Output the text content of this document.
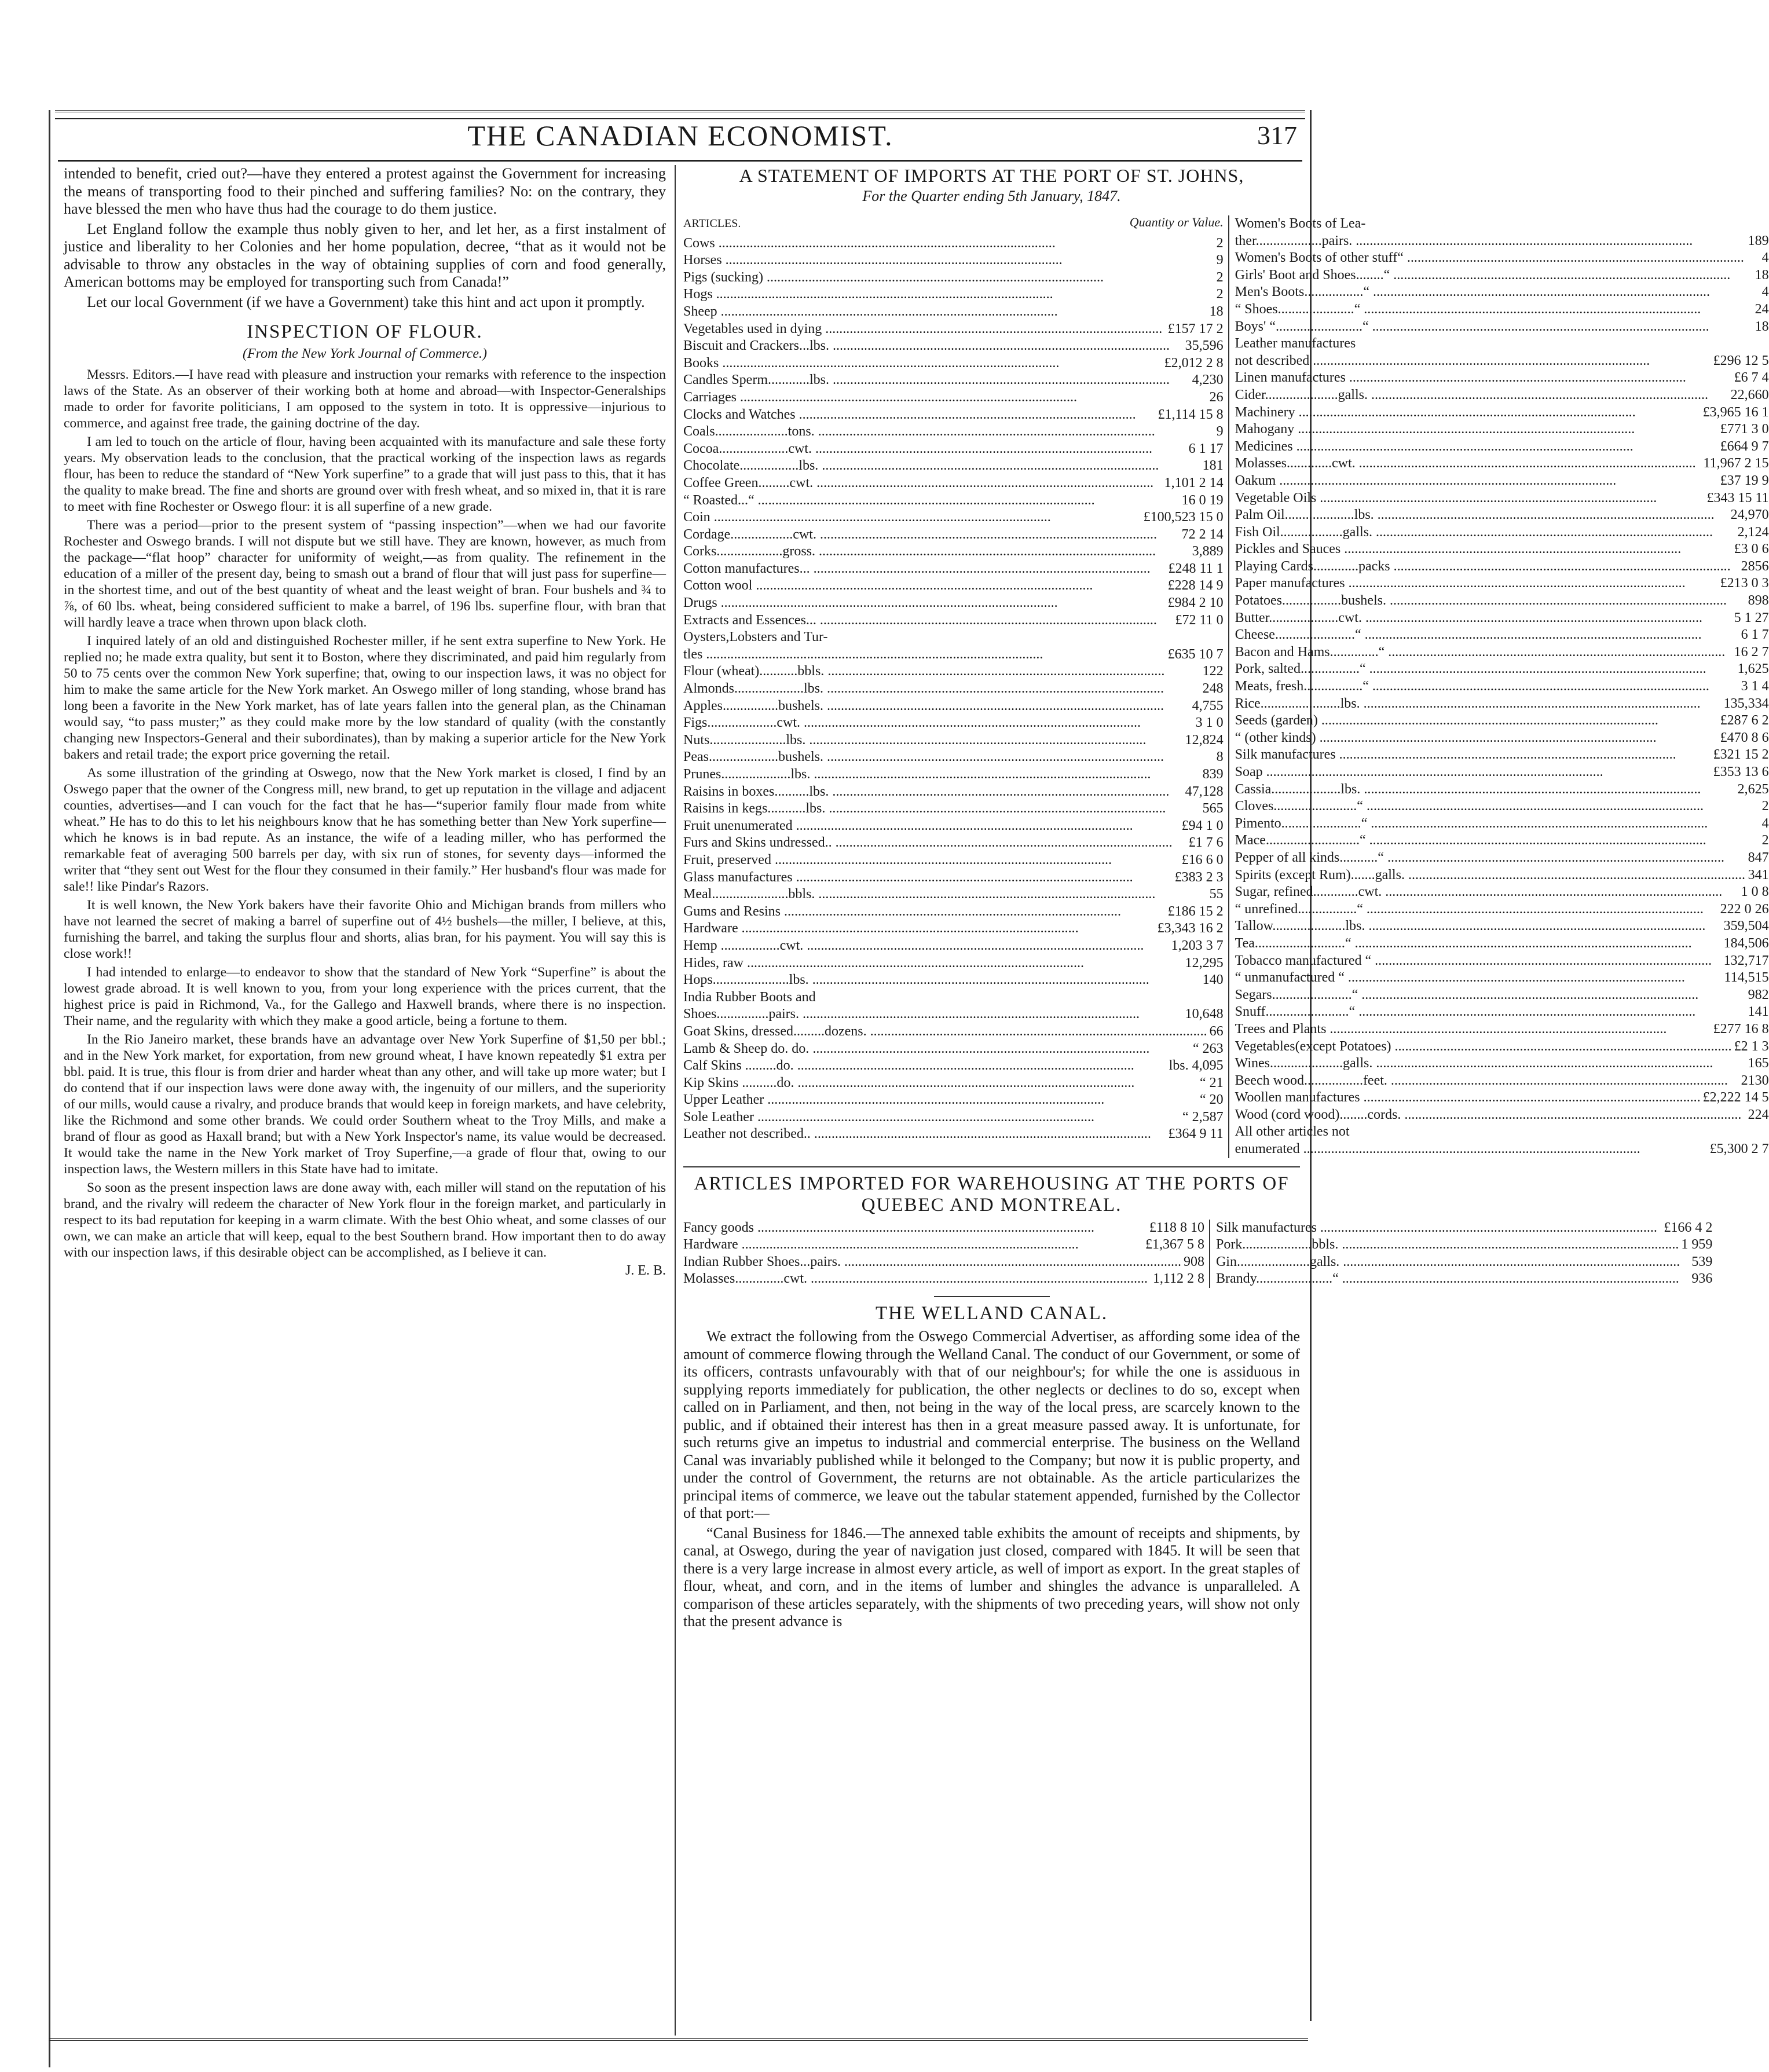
THE CANADIAN ECONOMIST.	317

intended to benefit, cried out?—have they entered a protest against the Government for increasing the means of transporting food to their pinched and suffering families? No: on the contrary, they have blessed the men who have thus had the courage to do them justice.

Let England follow the example thus nobly given to her, and let her, as a first instalment of justice and liberality to her Colonies and her home population, decree, “that as it would not be advisable to throw any obstacles in the way of obtaining supplies of corn and food generally, American bottoms may be employed for transporting such from Canada!”

Let our local Government (if we have a Government) take this hint and act upon it promptly.

INSPECTION OF FLOUR.
(From the New York Journal of Commerce.)

Messrs. Editors.—I have read with pleasure and instruction your remarks with reference to the inspection laws of the State. As an observer of their working both at home and abroad—with Inspector-Generalships made to order for favorite politicians, I am opposed to the system in toto. It is oppressive—injurious to commerce, and against free trade, the gaining doctrine of the day.

I am led to touch on the article of flour, having been acquainted with its manufacture and sale these forty years. My observation leads to the conclusion, that the practical working of the inspection laws as regards flour, has been to reduce the standard of “New York superfine” to a grade that will just pass to this, that it has the quality to make bread. The fine and shorts are ground over with fresh wheat, and so mixed in, that it is rare to meet with fine Rochester or Oswego flour: it is all superfine of a new grade.

There was a period—prior to the present system of “passing inspection”—when we had our favorite Rochester and Oswego brands. I will not dispute but we still have. They are known, however, as much from the package—“flat hoop” character for uniformity of weight,—as from quality. The refinement in the education of a miller of the present day, being to smash out a brand of flour that will just pass for superfine—in the shortest time, and out of the best quantity of wheat and the least weight of bran. Four bushels and ¾ to ⅞, of 60 lbs. wheat, being considered sufficient to make a barrel, of 196 lbs. superfine flour, with bran that will hardly leave a trace when thrown upon black cloth.

I inquired lately of an old and distinguished Rochester miller, if he sent extra superfine to New York. He replied no; he made extra quality, but sent it to Boston, where they discriminated, and paid him regularly from 50 to 75 cents over the common New York superfine; that, owing to our inspection laws, it was no object for him to make the same article for the New York market. An Oswego miller of long standing, whose brand has long been a favorite in the New York market, has of late years fallen into the general plan, as the Chinaman would say, “to pass muster;” as they could make more by the low standard of quality (with the constantly changing new Inspectors-General and their subordinates), than by making a superior article for the New York bakers and retail trade; the export price governing the retail.

As some illustration of the grinding at Oswego, now that the New York market is closed, I find by an Oswego paper that the owner of the Congress mill, new brand, to get up reputation in the village and adjacent counties, advertises—and I can vouch for the fact that he has—“superior family flour made from white wheat.” He has to do this to let his neighbours know that he has something better than New York superfine—which he knows is in bad repute. As an instance, the wife of a leading miller, who has performed the remarkable feat of averaging 500 barrels per day, with six run of stones, for seventy days—informed the writer that “they sent out West for the flour they consumed in their family.” Her husband's flour was made for sale!! like Pindar's Razors.

It is well known, the New York bakers have their favorite Ohio and Michigan brands from millers who have not learned the secret of making a barrel of superfine out of 4½ bushels—the miller, I believe, at this, furnishing the barrel, and taking the surplus flour and shorts, alias bran, for his payment. You will say this is close work!!

I had intended to enlarge—to endeavor to show that the standard of New York “Superfine” is about the lowest grade abroad. It is well known to you, from your long experience with the prices current, that the highest price is paid in Richmond, Va., for the Gallego and Haxwell brands, where there is no inspection. Their name, and the regularity with which they make a good article, being a fortune to them.

In the Rio Janeiro market, these brands have an advantage over New York Superfine of $1,50 per bbl.; and in the New York market, for exportation, from new ground wheat, I have known repeatedly $1 extra per bbl. paid. It is true, this flour is from drier and harder wheat than any other, and will take up more water; but I do contend that if our inspection laws were done away with, the ingenuity of our millers, and the superiority of our mills, would cause a rivalry, and produce brands that would keep in foreign markets, and have celebrity, like the Richmond and some other brands. We could order Southern wheat to the Troy Mills, and make a brand of flour as good as Haxall brand; but with a New York Inspector's name, its value would be decreased. It would take the name in the New York market of Troy Superfine,—a grade of flour that, owing to our inspection laws, the Western millers in this State have had to imitate.

So soon as the present inspection laws are done away with, each miller will stand on the reputation of his brand, and the rivalry will redeem the character of New York flour in the foreign market, and particularly in respect to its bad reputation for keeping in a warm climate. With the best Ohio wheat, and some classes of our own, we can make an article that will keep, equal to the best Southern brand. How important then to do away with our inspection laws, if this desirable object can be accomplished, as I believe it can.

J. E. B.
A STATEMENT OF IMPORTS AT THE PORT OF ST. JOHNS,
For the Quarter ending 5th January, 1847.
ARTICLES.	Quantity or Value.
Cows .....	2
Horses .....	9
Pigs (sucking) .....	2
Hogs .....	2
Sheep .....	18
Vegetables used in dying .....	£157 17 2
Biscuit and Crackers...lbs. .....	35,596
Books .....	£2,012 2 8
Candles Sperm............lbs. .....	4,230
Carriages .....	26
Clocks and Watches .....	£1,114 15 8
Coals.....................tons. .....	9
Cocoa....................cwt. .....	6 1 17
Chocolate.................lbs. .....	181
Coffee Green.........cwt. .....	1,101 2 14
“ Roasted...“ .....	16 0 19
Coin .....	£100,523 15 0
Cordage..................cwt. .....	72 2 14
Corks...................gross. .....	3,889
Cotton manufactures... .....	£248 11 1
Cotton wool .....	£228 14 9
Drugs .....	£984 2 10
Extracts and Essences... .....	£72 11 0
Oysters,Lobsters and Tur-
tles .....	£635 10 7
Flour (wheat)...........bbls. .....	122
Almonds....................lbs. .....	248
Apples................bushels. .....	4,755
Figs....................cwt. .....	3 1 0
Nuts......................lbs. .....	12,824
Peas....................bushels. .....	8
Prunes....................lbs. .....	839
Raisins in boxes..........lbs. .....	47,128
Raisins in kegs...........lbs. .....	565
Fruit unenumerated .....	£94 1 0
Furs and Skins undressed.. .....	£1 7 6
Fruit, preserved .....	£16 6 0
Glass manufactures .....	£383 2 3
Meal......................bbls. .....	55
Gums and Resins .....	£186 15 2
Hardware .....	£3,343 16 2
Hemp .................cwt. .....	1,203 3 7
Hides, raw .....	12,295
Hops......................lbs. .....	140
India Rubber Boots and
Shoes...............pairs. .....	10,648
Goat Skins, dressed.........dozens. .....	66
Lamb & Sheep do. do. .....	“ 263
Calf Skins .........do. .....	lbs. 4,095
Kip Skins ..........do. .....	“ 21
Upper Leather .....	“ 20
Sole Leather .....	“ 2,587
Leather not described.. .....	£364 9 11
Women's Boots of Lea-
ther...................pairs. .....	189
Women's Boots of other stuff“ .....	4
Girls' Boot and Shoes........“ .....	18
Men's Boots.................“ .....	4
“ Shoes......................“ .....	24
Boys' “.........................“ .....	18
Leather manufactures
not described .....	£296 12 5
Linen manufactures .....	£6 7 4
Cider.....................galls. .....	22,660
Machinery .....	£3,965 16 1
Mahogany .....	£771 3 0
Medicines .....	£664 9 7
Molasses.............cwt. .....	11,967 2 15
Oakum .....	£37 19 9
Vegetable Oils .....	£343 15 11
Palm Oil....................lbs. .....	24,970
Fish Oil..................galls. .....	2,124
Pickles and Sauces .....	£3 0 6
Playing Cards.............packs .....	2856
Paper manufactures .....	£213 0 3
Potatoes.................bushels. .....	898
Butter....................cwt. .....	5 1 27
Cheese.......................“ .....	6 1 7
Bacon and Hams..............“ .....	16 2 7
Pork, salted.................“ .....	1,625
Meats, fresh.................“ .....	3 1 4
Rice.......................lbs. .....	135,334
Seeds (garden) .....	£287 6 2
“ (other kinds) .....	£470 8 6
Silk manufactures .....	£321 15 2
Soap .....	£353 13 6
Cassia....................lbs. .....	2,625
Cloves........................“ .....	2
Pimento.......................“ .....	4
Mace...........................“ .....	2
Pepper of all kinds...........“ .....	847
Spirits (except Rum).......galls. .....	341
Sugar, refined.............cwt. .....	1 0 8
“ unrefined.................“ .....	222 0 26
Tallow.....................lbs. .....	359,504
Tea..........................“ .....	184,506
Tobacco manufactured “ .....	132,717
“ unmanufactured “ .....	114,515
Segars.......................“ .....	982
Snuff........................“ .....	141
Trees and Plants .....	£277 16 8
Vegetables(except Potatoes) .....	£2 1 3
Wines.....................galls. .....	165
Beech wood.................feet. .....	2130
Woollen manufactures .....	£2,222 14 5
Wood (cord wood)........cords. .....	224
All other articles not
enumerated .....	£5,300 2 7
ARTICLES IMPORTED FOR WAREHOUSING AT THE PORTS OF QUEBEC AND MONTREAL.
Fancy goods .....	£118 8 10
Hardware .....	£1,367 5 8
Indian Rubber Shoes...pairs. .....	908
Molasses..............cwt. .....	1,112 2 8
Silk manufactures .....	£166 4 2
Pork....................bbls. .....	1 959
Gin.....................galls. .....	539
Brandy......................“ .....	936
THE WELLAND CANAL.

We extract the following from the Oswego Commercial Advertiser, as affording some idea of the amount of commerce flowing through the Welland Canal. The conduct of our Government, or some of its officers, contrasts unfavourably with that of our neighbour's; for while the one is assiduous in supplying reports immediately for publication, the other neglects or declines to do so, except when called on in Parliament, and then, not being in the way of the local press, are scarcely known to the public, and if obtained their interest has then in a great measure passed away. It is unfortunate, for such returns give an impetus to industrial and commercial enterprise. The business on the Welland Canal was invariably published while it belonged to the Company; but now it is public property, and under the control of Government, the returns are not obtainable. As the article particularizes the principal items of commerce, we leave out the tabular statement appended, furnished by the Collector of that port:—

“Canal Business for 1846.—The annexed table exhibits the amount of receipts and shipments, by canal, at Oswego, during the year of navigation just closed, compared with 1845. It will be seen that there is a very large increase in almost every article, as well of import as export. In the great staples of flour, wheat, and corn, and in the items of lumber and shingles the advance is unparalleled. A comparison of these articles separately, with the shipments of two preceding years, will show not only that the present advance is
